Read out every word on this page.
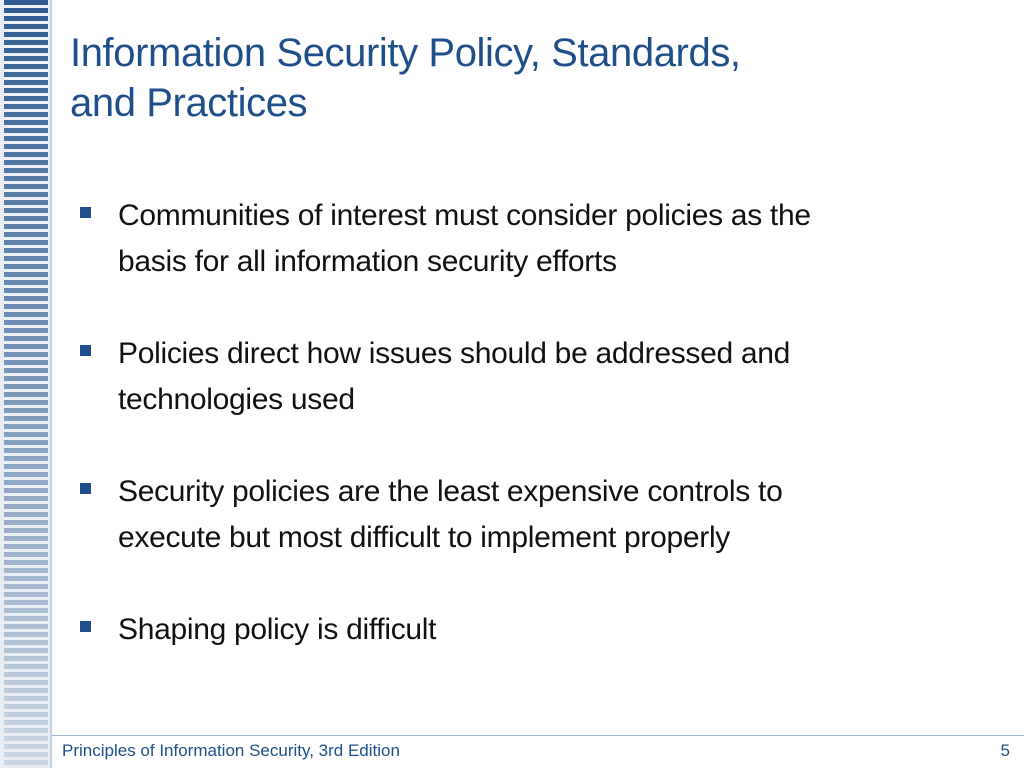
Information Security Policy, Standards,
and Practices
Communities of interest must consider policies as the
basis for all information security efforts
Policies direct how issues should be addressed and
technologies used
Security policies are the least expensive controls to
execute but most difficult to implement properly
Shaping policy is difficult
Principles of Information Security, 3rd Edition	5
